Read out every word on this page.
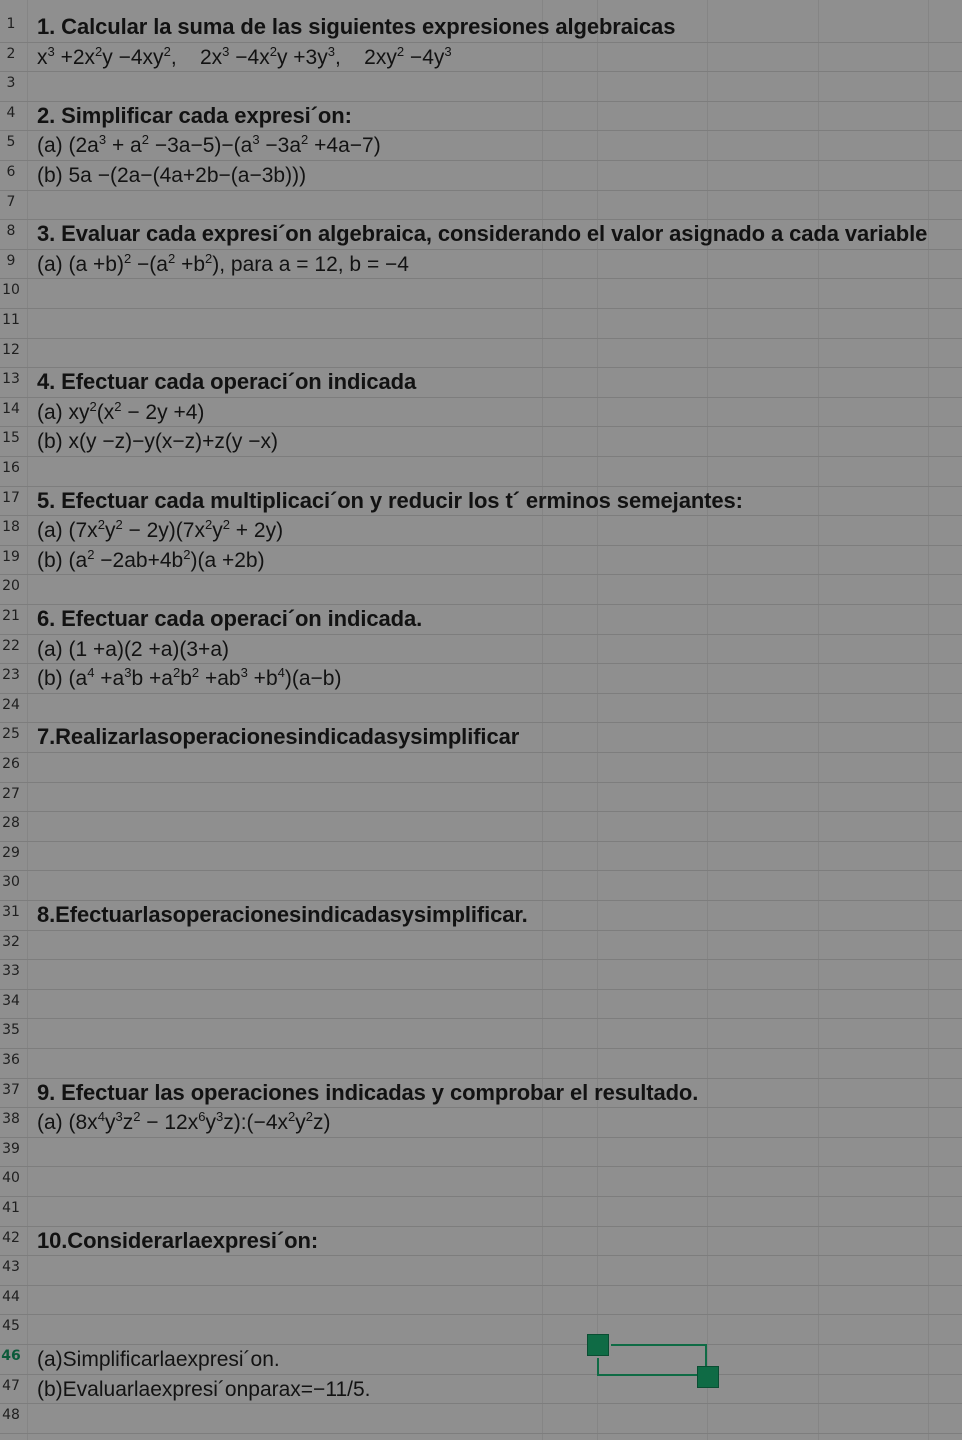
1 1. Calcular la suma de las siguientes expresiones algebraicas
2	$x^3 +2x^2y -4xy^2$,    $2x^3 -4x^2y +3y^3$,    $2xy^2 -4y^3$
3
4 2. Simplificar cada expresi´on:
5	(a) $(2a^3 + a^2 -3a-5)-(a^3 -3a^2 +4a-7)$
6	(b) 5a −(2a−(4a+2b−(a−3b)))
7
8 3. Evaluar cada expresi´on algebraica, considerando el valor asignado a cada variable
9	(a) $(a +b)^2 -(a^2 +b^2)$, para a = 12, b = −4
10
11
12
13 4. Efectuar cada operaci´on indicada
14 (a) $xy^2(x^2 - 2y +4)$
15 (b) x(y −z)−y(x−z)+z(y −x)
16
17 5. Efectuar cada multiplicaci´on y reducir los t´ erminos semejantes:
18 (a) $(7x^2y^2 - 2y)(7x^2y^2 + 2y)$
19 (b) $(a^2 -2ab+4b^2)(a +2b)$
20
21 6. Efectuar cada operaci´on indicada.
22 (a) (1 +a)(2 +a)(3+a)
23 (b) $(a^4 +a^3b +a^2b^2 +ab^3 +b^4)(a-b)$
24
25 7.Realizarlasoperacionesindicadasysimplificar
26
27
28
29
30
31 8.Efectuarlasoperacionesindicadasysimplificar.
32
33
34
35
36
37 9. Efectuar las operaciones indicadas y comprobar el resultado.
38 (a) ($8x^4y^3z^2$ − $12x^6y^3z):(-4x^2y^2z)$
39
40
41
42 10.Considerarlaexpresi´on:
43
44
45
46 (a)Simplificarlaexpresi´on.
47 (b)Evaluarlaexpresi´onparax=−11/5.
48
